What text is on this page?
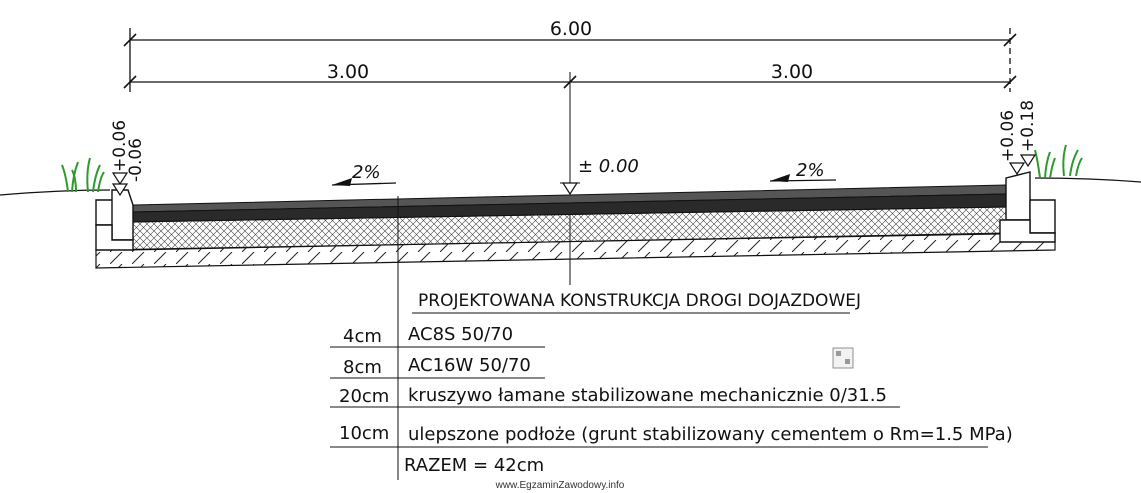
6.00
3.00	3.00
± 0.00
+0.06
-0.06	+0.06 +0.18
2%	2%
PROJEKTOWANA KONSTRUKCJA DROGI DOJAZDOWEJ
4cm AC8S 50/70
8cm AC16W 50/70
20cm kruszywo łamane stabilizowane mechanicznie 0/31.5
10cm ulepszone podłoże (grunt stabilizowany cementem o Rm=1.5 MPa)
RAZEM = 42cm
www.EgzaminZawodowy.info
